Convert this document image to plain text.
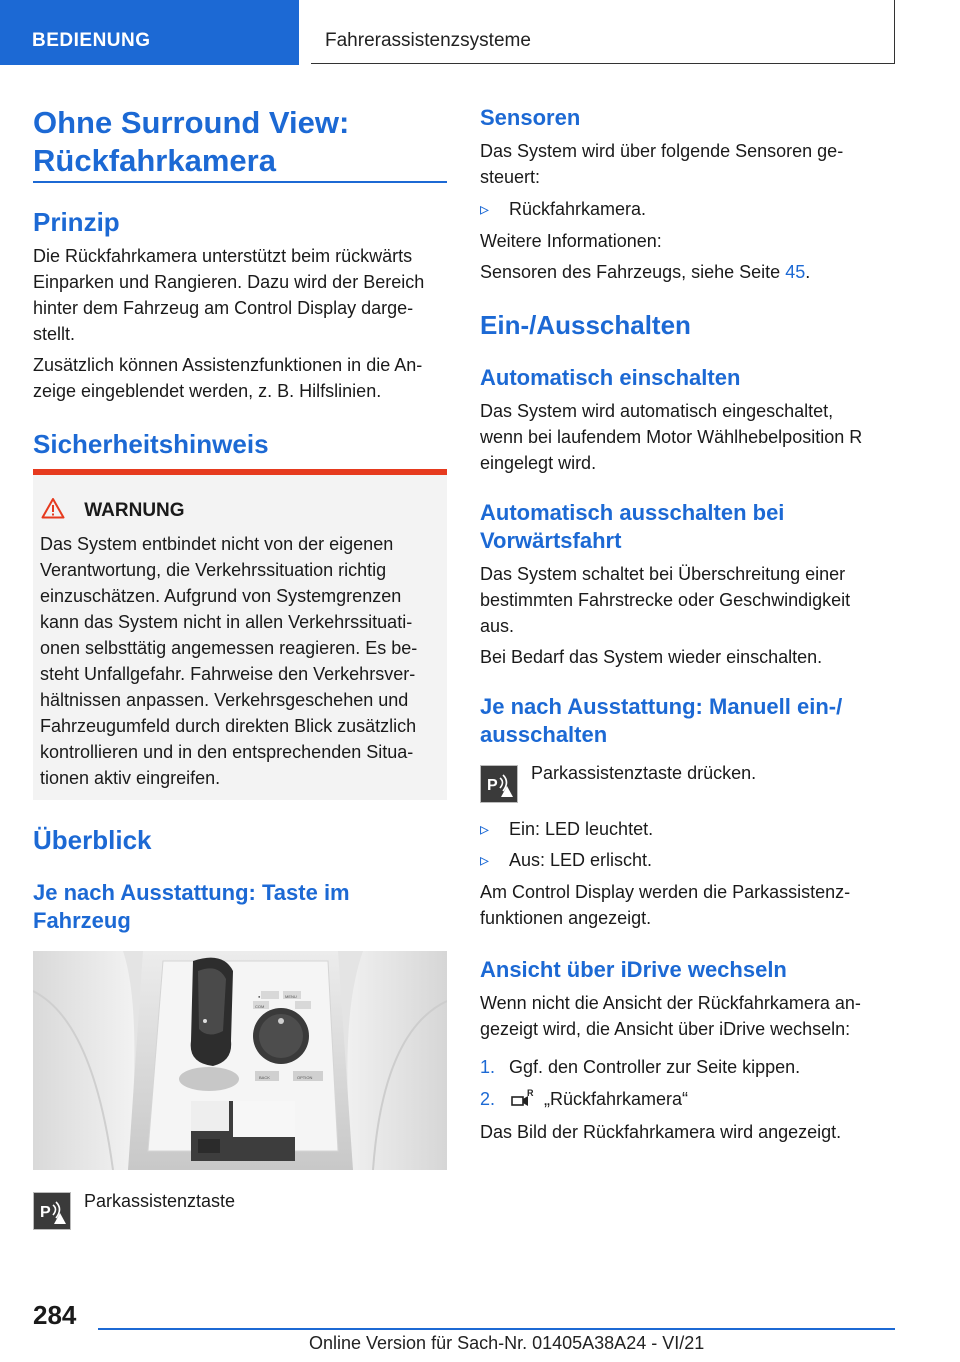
BEDIENUNG	Fahrerassistenzsysteme
Ohne Surround View:
Rückfahrkamera
Prinzip
Die Rückfahrkamera unterstützt beim rückwärts
Einparken und Rangieren. Dazu wird der Bereich
hinter dem Fahrzeug am Control Display darge-
stellt.
Zusätzlich können Assistenzfunktionen in die An-
zeige eingeblendet werden, z. B. Hilfslinien.
Sicherheitshinweis
WARNUNG
Das System entbindet nicht von der eigenen
Verantwortung, die Verkehrssituation richtig
einzuschätzen. Aufgrund von Systemgrenzen
kann das System nicht in allen Verkehrssituati-
onen selbsttätig angemessen reagieren. Es be-
steht Unfallgefahr. Fahrweise den Verkehrsver-
hältnissen anpassen. Verkehrsgeschehen und
Fahrzeugumfeld durch direkten Blick zusätzlich
kontrollieren und in den entsprechenden Situa-
tionen aktiv eingreifen.
Überblick
Je nach Ausstattung: Taste im
Fahrzeug
●	MENU
COM
BACK	OPTION
P
Parkassistenztaste
Sensoren
Das System wird über folgende Sensoren ge-
steuert:
▹ Rückfahrkamera.
Weitere Informationen:
Sensoren des Fahrzeugs, siehe Seite 45.
Ein-/Ausschalten
Automatisch einschalten
Das System wird automatisch eingeschaltet,
wenn bei laufendem Motor Wählhebelposition R
eingelegt wird.
Automatisch ausschalten bei
Vorwärtsfahrt
Das System schaltet bei Überschreitung einer
bestimmten Fahrstrecke oder Geschwindigkeit
aus.
Bei Bedarf das System wieder einschalten.
Je nach Ausstattung: Manuell ein-/
ausschalten
P
Parkassistenztaste drücken.
▹ Ein: LED leuchtet.
▹ Aus: LED erlischt.
Am Control Display werden die Parkassistenz-
funktionen angezeigt.
Ansicht über iDrive wechseln
Wenn nicht die Ansicht der Rückfahrkamera an-
gezeigt wird, die Ansicht über iDrive wechseln:
1. Ggf. den Controller zur Seite kippen.
2.	R „Rückfahrkamera“
Das Bild der Rückfahrkamera wird angezeigt.
284
Online Version für Sach-Nr. 01405A38A24 - VI/21
